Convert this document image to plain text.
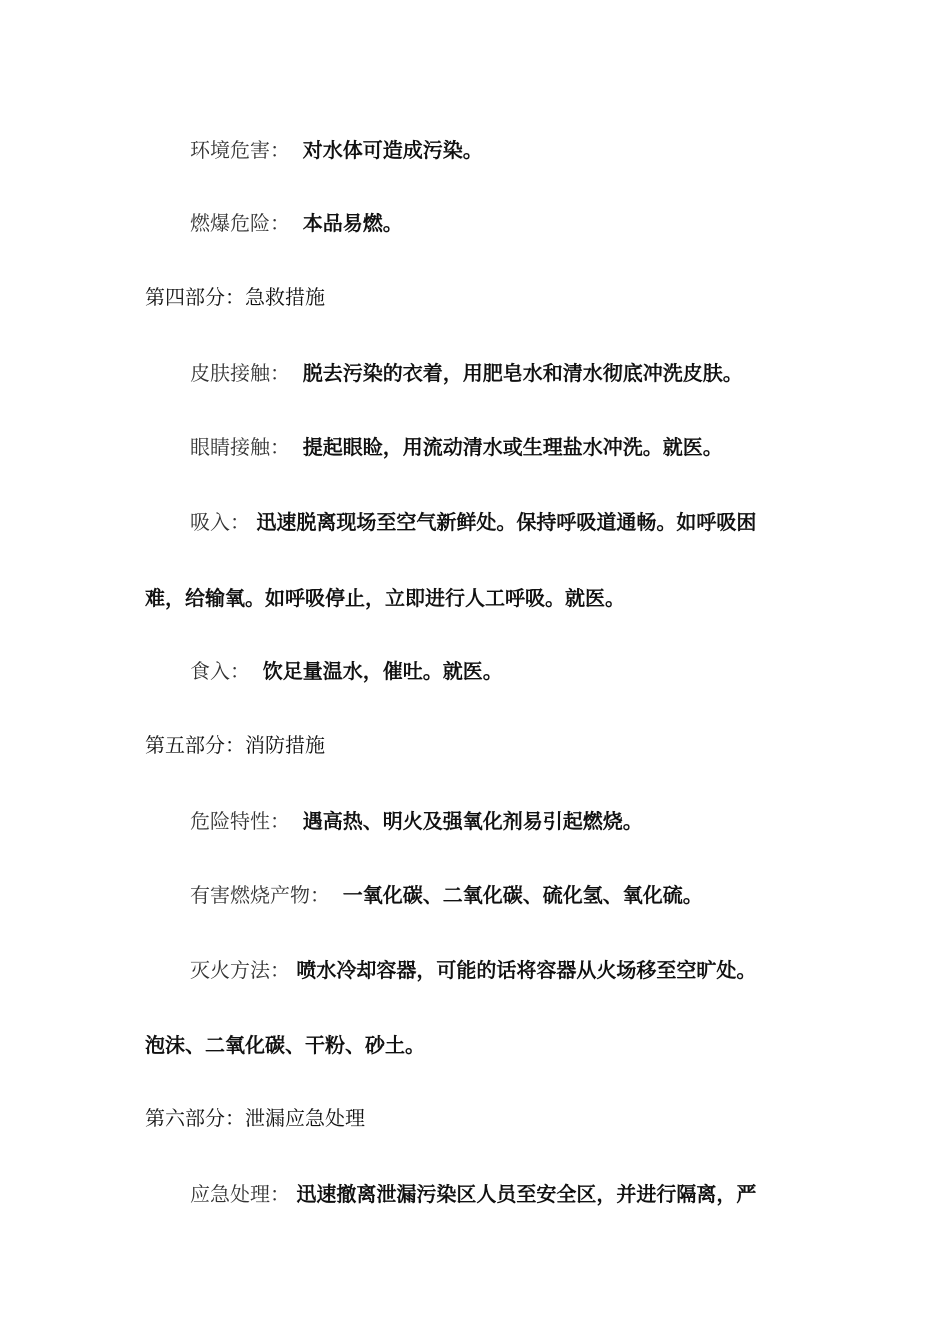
环境危害： 对水体可造成污染。
燃爆危险： 本品易燃。
第四部分：急救措施
皮肤接触： 脱去污染的衣着，用肥皂水和清水彻底冲洗皮肤。
眼睛接触： 提起眼睑，用流动清水或生理盐水冲洗。就医。
吸入： 迅速脱离现场至空气新鲜处。保持呼吸道通畅。如呼吸困
难，给输氧。如呼吸停止，立即进行人工呼吸。就医。
食入： 饮足量温水，催吐。就医。
第五部分：消防措施
危险特性： 遇高热、明火及强氧化剂易引起燃烧。
有害燃烧产物： 一氧化碳、二氧化碳、硫化氢、氧化硫。
灭火方法： 喷水冷却容器，可能的话将容器从火场移至空旷处。
泡沫、二氧化碳、干粉、砂土。
第六部分：泄漏应急处理
应急处理： 迅速撤离泄漏污染区人员至安全区，并进行隔离，严
